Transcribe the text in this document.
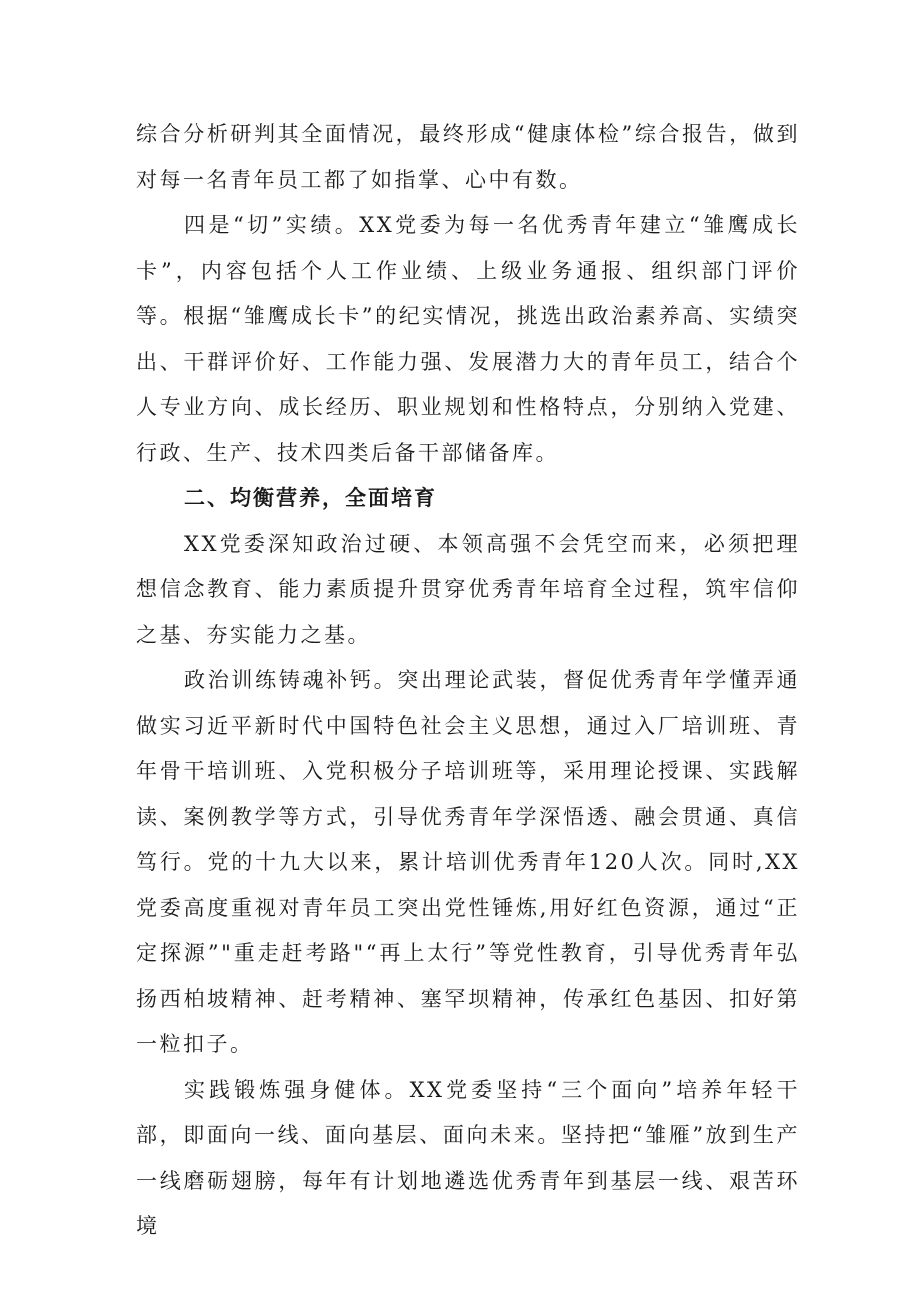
综合分析研判其全面情况，最终形成“健康体检”综合报告，做到对每一名青年员工都了如指掌、心中有数。

四是“切”实绩。XX党委为每一名优秀青年建立“雏鹰成长卡”，内容包括个人工作业绩、上级业务通报、组织部门评价等。根据“雏鹰成长卡”的纪实情况，挑选出政治素养高、实绩突出、干群评价好、工作能力强、发展潜力大的青年员工，结合个人专业方向、成长经历、职业规划和性格特点，分别纳入党建、行政、生产、技术四类后备干部储备库。

二、均衡营养，全面培育

XX党委深知政治过硬、本领高强不会凭空而来，必须把理想信念教育、能力素质提升贯穿优秀青年培育全过程，筑牢信仰之基、夯实能力之基。

政治训练铸魂补钙。突出理论武装，督促优秀青年学懂弄通做实习近平新时代中国特色社会主义思想，通过入厂培训班、青年骨干培训班、入党积极分子培训班等，采用理论授课、实践解读、案例教学等方式，引导优秀青年学深悟透、融会贯通、真信笃行。党的十九大以来，累计培训优秀青年120人次。同时,XX党委高度重视对青年员工突出党性锤炼,用好红色资源，通过“正定探源”"重走赶考路"“再上太行”等党性教育，引导优秀青年弘扬西柏坡精神、赶考精神、塞罕坝精神，传承红色基因、扣好第一粒扣子。

实践锻炼强身健体。XX党委坚持“三个面向”培养年轻干部，即面向一线、面向基层、面向未来。坚持把“雏雁”放到生产一线磨砺翅膀，每年有计划地遴选优秀青年到基层一线、艰苦环境
